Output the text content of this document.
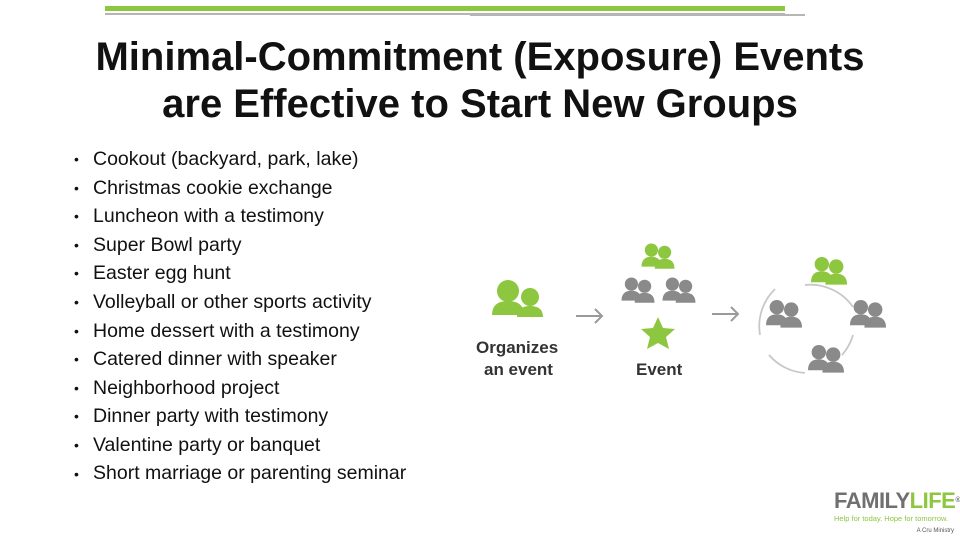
Minimal-Commitment (Exposure) Events
are Effective to Start New Groups
• Cookout (backyard, park, lake)
• Christmas cookie exchange
• Luncheon with a testimony
• Super Bowl party
• Easter egg hunt
• Volleyball or other sports activity
• Home dessert with a testimony
• Catered dinner with speaker
• Neighborhood project
• Dinner party with testimony
• Valentine party or banquet
• Short marriage or parenting seminar
Organizes
an event	Event
FAMILYLIFE®
Help for today. Hope for tomorrow.
A Cru Ministry
